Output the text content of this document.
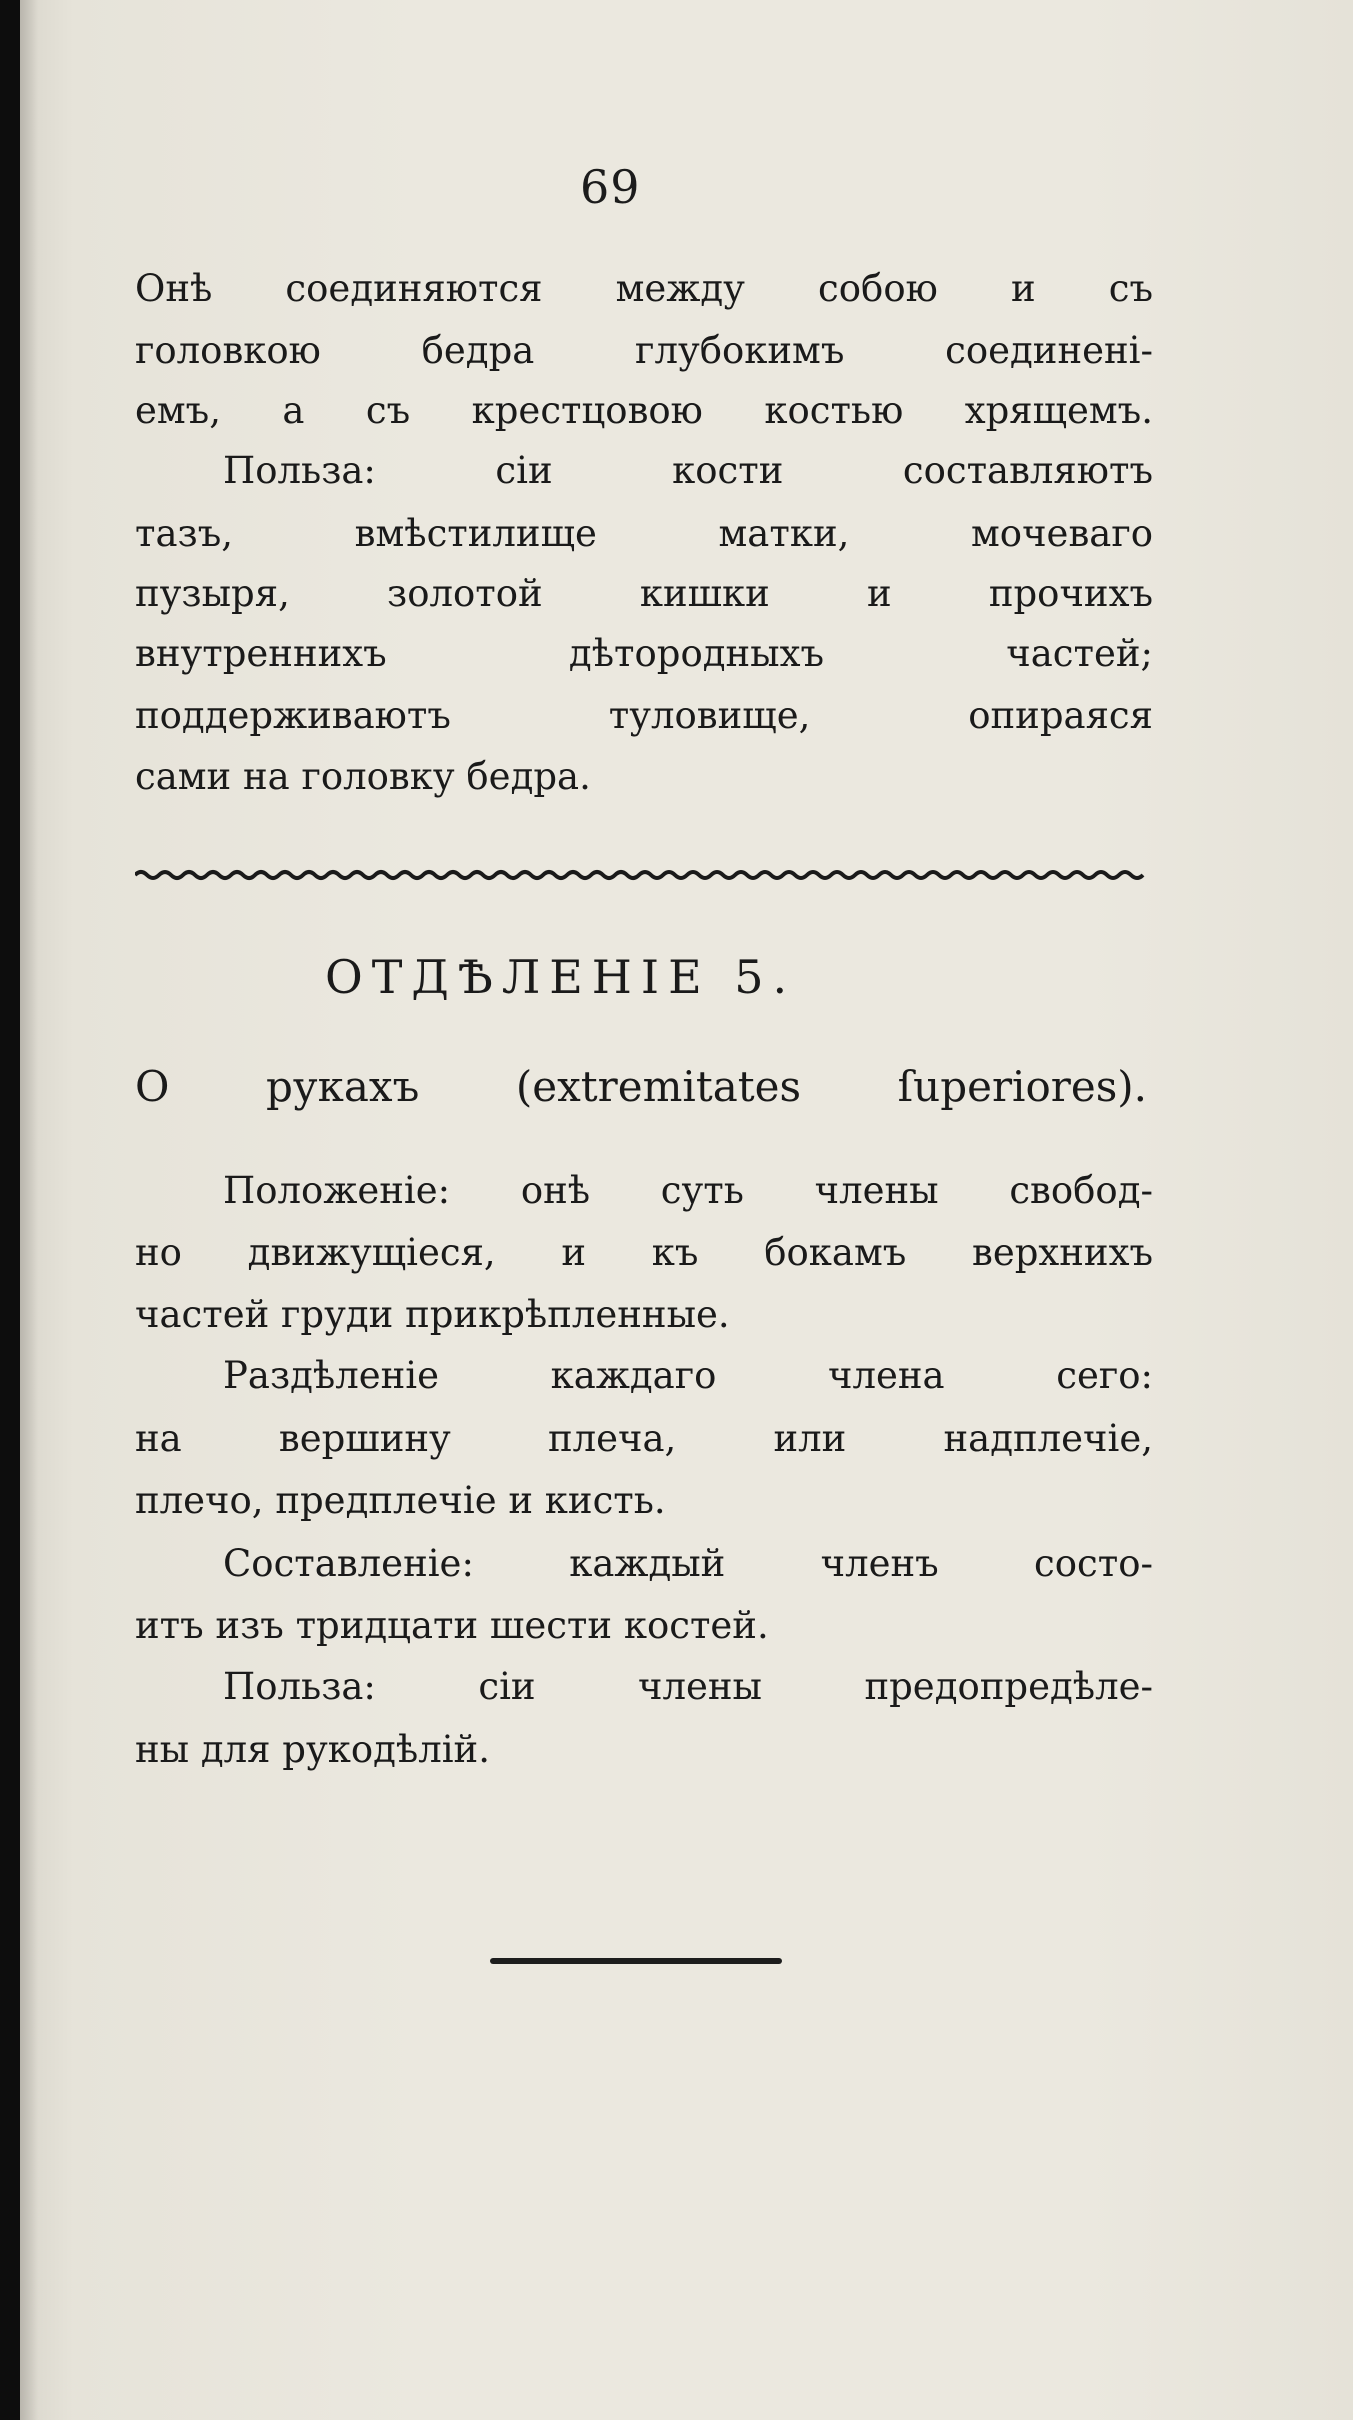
69
Онѣ соединяются между собою и съ
головкою бедра глубокимъ соединені-
емъ, а съ крестцовою костью хрящемъ.
Польза: сіи кости составляютъ
тазъ, вмѣстилище матки, мочеваго
пузыря, золотой кишки и прочихъ
внутреннихъ дѣтородныхъ частей;
поддерживаютъ туловище, опираяся
сами на головку бедра.
ОТДѢЛЕНІЕ 5.
О рукахъ (extremitates ſuperiores).
Положеніе: онѣ суть члены свобод-
но движущіеся, и къ бокамъ верхнихъ
частей груди прикрѣпленные.
Раздѣленіе каждаго члена сего:
на вершину плеча, или надплечіе,
плечо, предплечіе и кисть.
Составленіе: каждый членъ состо-
итъ изъ тридцати шести костей.
Польза: сіи члены предопредѣле-
ны для рукодѣлій.
